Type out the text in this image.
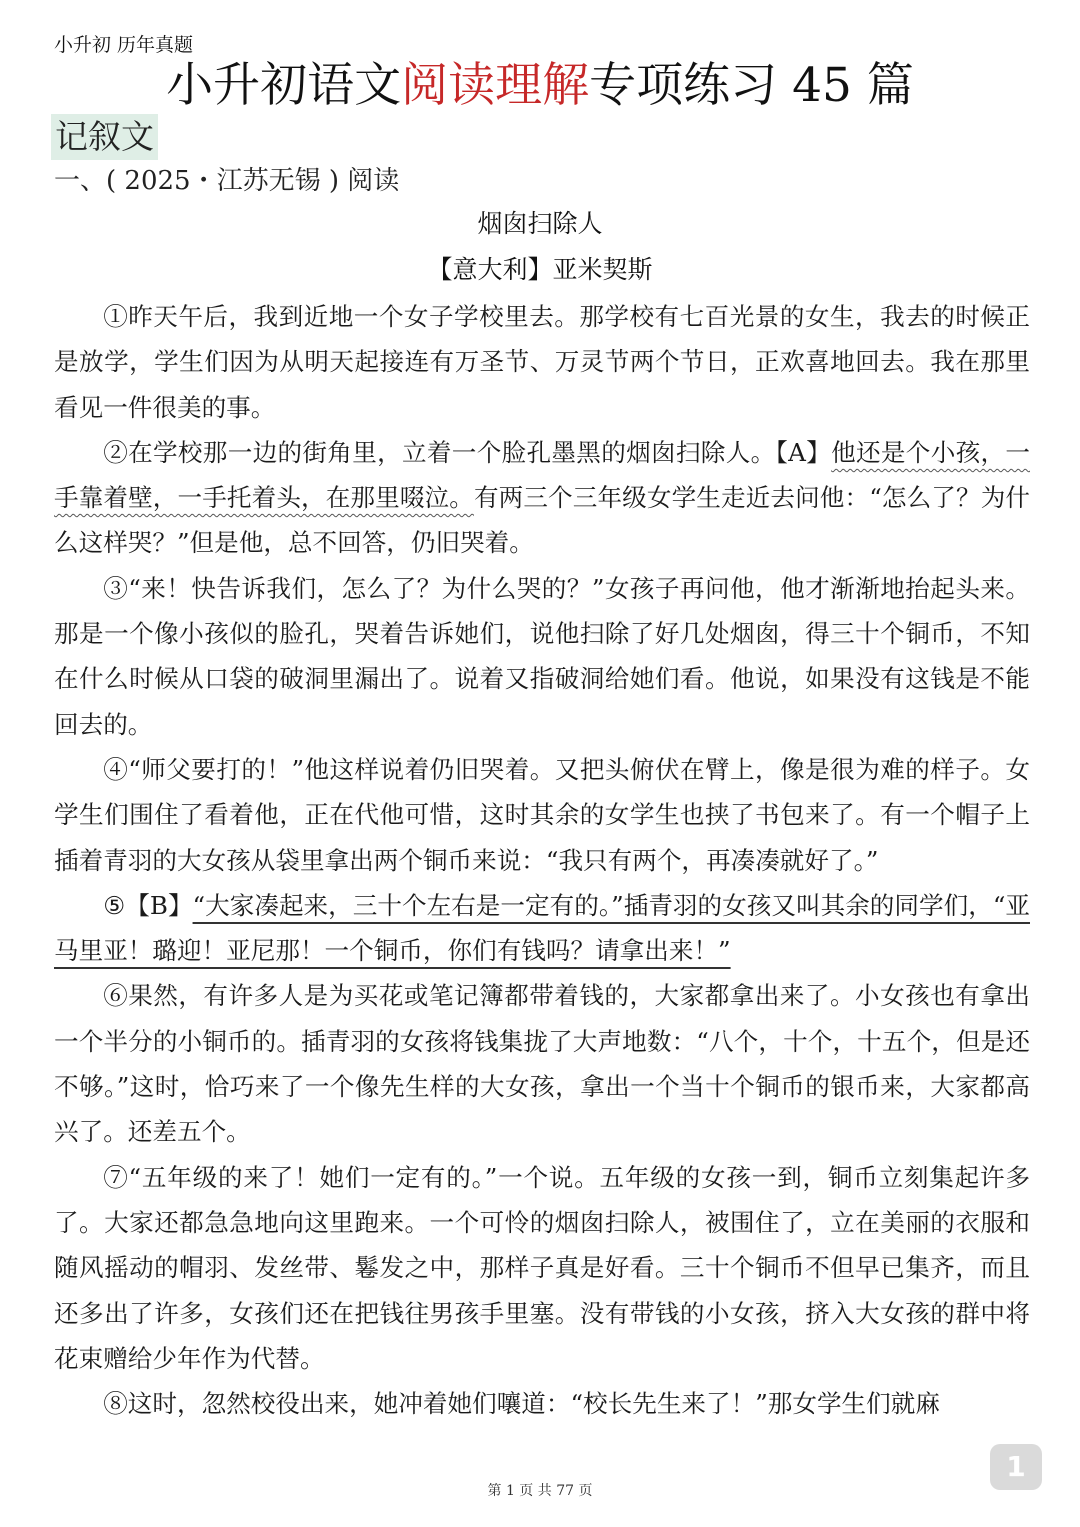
小升初 历年真题
小升初语文阅读理解专项练习 45 篇
记叙文
一、( 2025・江苏无锡 ) 阅读
烟囱扫除人
【意大利】亚米契斯

①昨天午后，我到近地一个女子学校里去。那学校有七百光景的女生，我去的时候正是放学，学生们因为从明天起接连有万圣节、万灵节两个节日，正欢喜地回去。我在那里看见一件很美的事。

②在学校那一边的街角里，立着一个脸孔墨黑的烟囱扫除人。【A】他还是个小孩，一手靠着壁，一手托着头，在那里啜泣。有两三个三年级女学生走近去问他：“怎么了？为什么这样哭？”但是他，总不回答，仍旧哭着。

③“来！快告诉我们，怎么了？为什么哭的？”女孩子再问他，他才渐渐地抬起头来。那是一个像小孩似的脸孔，哭着告诉她们，说他扫除了好几处烟囱，得三十个铜币，不知在什么时候从口袋的破洞里漏出了。说着又指破洞给她们看。他说，如果没有这钱是不能回去的。

④“师父要打的！”他这样说着仍旧哭着。又把头俯伏在臂上，像是很为难的样子。女学生们围住了看着他，正在代他可惜，这时其余的女学生也挟了书包来了。有一个帽子上插着青羽的大女孩从袋里拿出两个铜币来说：“我只有两个，再凑凑就好了。”

⑤【B】“大家凑起来，三十个左右是一定有的。”插青羽的女孩又叫其余的同学们，“亚马里亚！璐迎！亚尼那！一个铜币，你们有钱吗？请拿出来！”

⑥果然，有许多人是为买花或笔记簿都带着钱的，大家都拿出来了。小女孩也有拿出一个半分的小铜币的。插青羽的女孩将钱集拢了大声地数：“八个，十个，十五个，但是还不够。”这时，恰巧来了一个像先生样的大女孩，拿出一个当十个铜币的银币来，大家都高兴了。还差五个。

⑦“五年级的来了！她们一定有的。”一个说。五年级的女孩一到，铜币立刻集起许多了。大家还都急急地向这里跑来。一个可怜的烟囱扫除人，被围住了，立在美丽的衣服和随风摇动的帽羽、发丝带、鬈发之中，那样子真是好看。三十个铜币不但早已集齐，而且还多出了许多，女孩们还在把钱往男孩手里塞。没有带钱的小女孩，挤入大女孩的群中将花束赠给少年作为代替。

⑧这时，忽然校役出来，她冲着她们嚷道：“校长先生来了！”那女学生们就麻

第 1 页 共 77 页
1
